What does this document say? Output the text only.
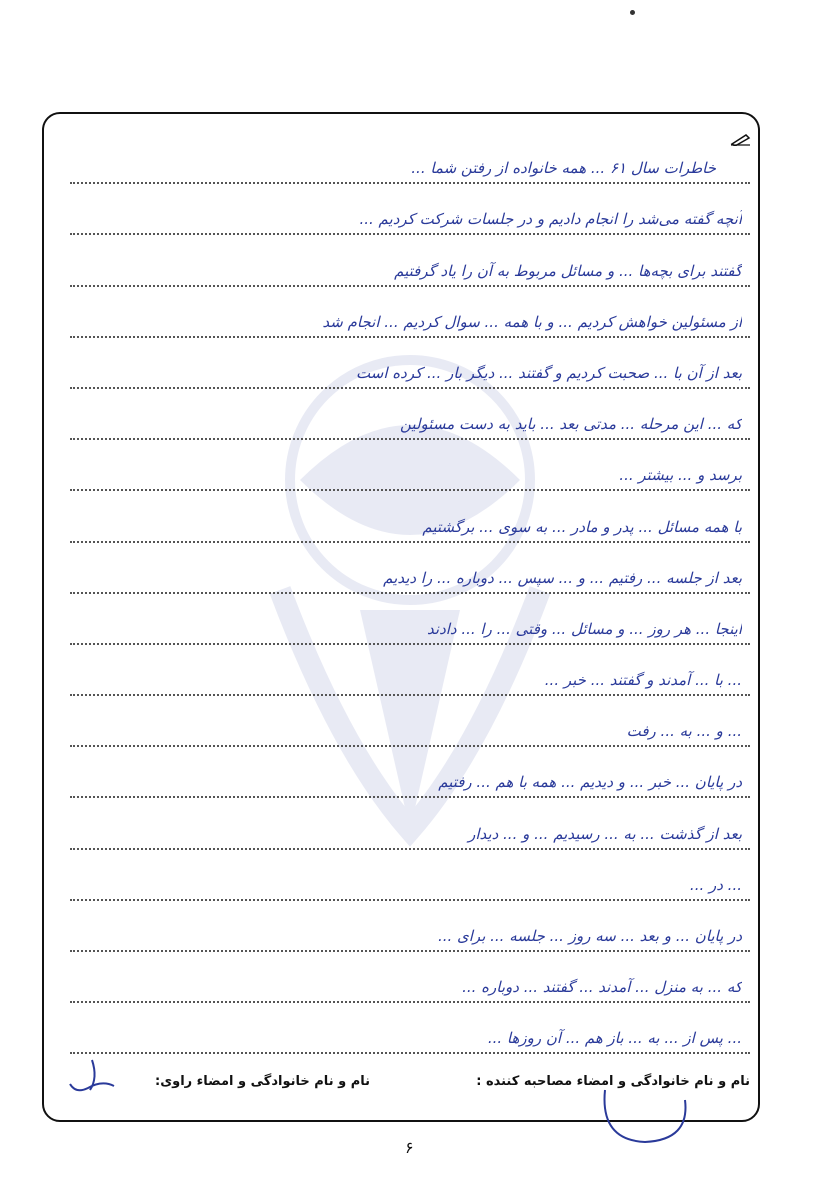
خاطرات سال ۶۱ ... همه خانواده از رفتن شما ...
آنچه گفته می‌شد را انجام دادیم و در جلسات شرکت کردیم ...
گفتند برای بچه‌ها ... و مسائل مربوط به آن را یاد گرفتیم
از مسئولین خواهش کردیم ... و با همه ... سوال کردیم ... انجام شد
بعد از آن با ... صحبت کردیم و گفتند ... دیگر بار ... کرده است
که ... این مرحله ... مدتی بعد ... باید به دست مسئولین
برسد و ... بیشتر ...
با همه مسائل ... پدر و مادر ... به سوی ... برگشتیم
بعد از جلسه ... رفتیم ... و ... سپس ... دوباره ... را دیدیم
اینجا ... هر روز ... و مسائل ... وقتی ... را ... دادند
... با ... آمدند و گفتند ... خبر ...
... و ... به ... رفت
در پایان ... خبر ... و دیدیم ... همه با هم ... رفتیم
بعد از گذشت ... به ... رسیدیم ... و ... دیدار
... در ...
در پایان ... و بعد ... سه روز ... جلسه ... برای ...
که ... به منزل ... آمدند ... گفتند ... دوباره ...
... پس از ... به ... باز هم ... آن روزها ...
نام و نام خانوادگی و امضاء مصاحبه کننده :
نام و نام خانوادگی و امضاء راوی:
۶
